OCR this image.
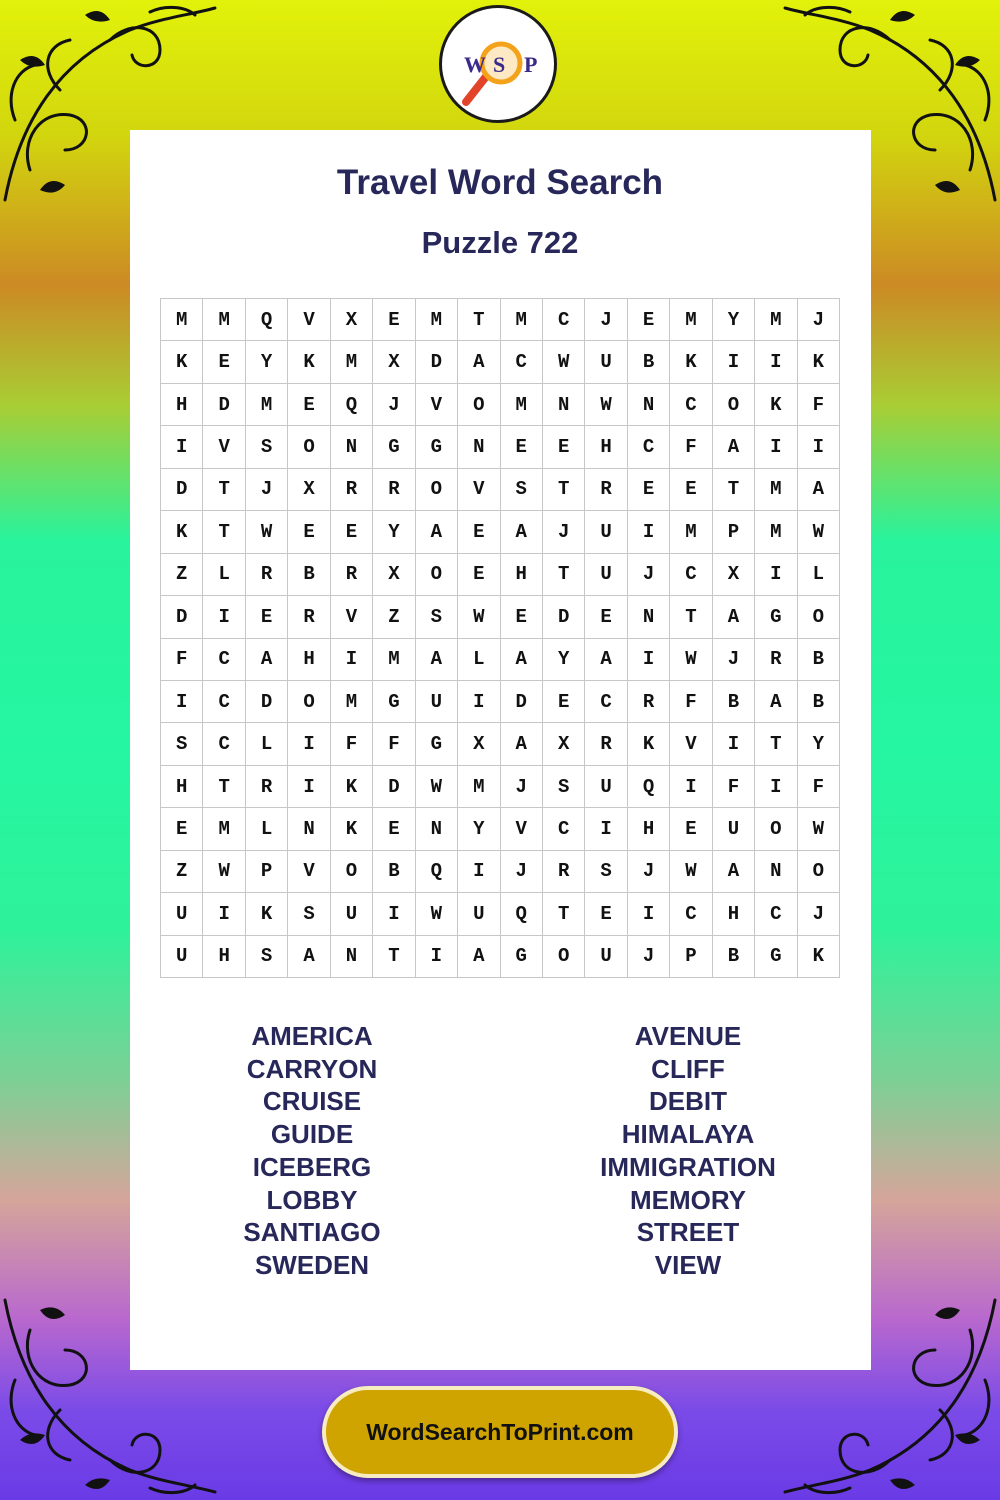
W S P
Travel Word Search
Puzzle 722
M	M	Q	V	X	E	M	T	M	C	J	E	M	Y	M	J
K	E	Y	K	M	X	D	A	C	W	U	B	K	I	I	K
H	D	M	E	Q	J	V	O	M	N	W	N	C	O	K	F
I	V	S	O	N	G	G	N	E	E	H	C	F	A	I	I
D	T	J	X	R	R	O	V	S	T	R	E	E	T	M	A
K	T	W	E	E	Y	A	E	A	J	U	I	M	P	M	W
Z	L	R	B	R	X	O	E	H	T	U	J	C	X	I	L
D	I	E	R	V	Z	S	W	E	D	E	N	T	A	G	O
F	C	A	H	I	M	A	L	A	Y	A	I	W	J	R	B
I	C	D	O	M	G	U	I	D	E	C	R	F	B	A	B
S	C	L	I	F	F	G	X	A	X	R	K	V	I	T	Y
H	T	R	I	K	D	W	M	J	S	U	Q	I	F	I	F
E	M	L	N	K	E	N	Y	V	C	I	H	E	U	O	W
Z	W	P	V	O	B	Q	I	J	R	S	J	W	A	N	O
U	I	K	S	U	I	W	U	Q	T	E	I	C	H	C	J
U	H	S	A	N	T	I	A	G	O	U	J	P	B	G	K
AMERICA
CARRYON
CRUISE
GUIDE
ICEBERG
LOBBY
SANTIAGO
SWEDEN
AVENUE
CLIFF
DEBIT
HIMALAYA
IMMIGRATION
MEMORY
STREET
VIEW
WordSearchToPrint.com
